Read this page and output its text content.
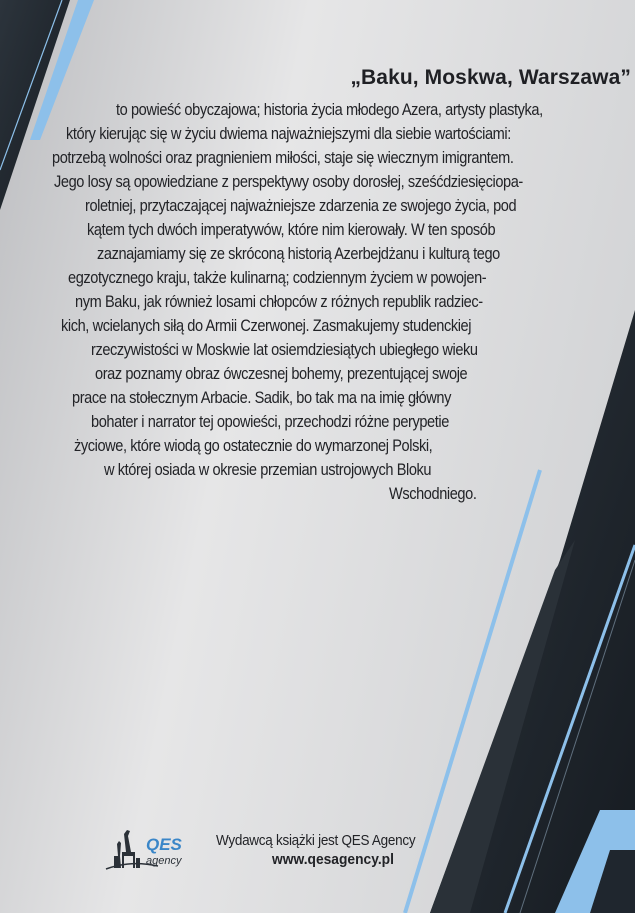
„Baku, Moskwa, Warszawa”
to powieść obyczajowa; historia życia młodego Azera, artysty plastyka,
który kierując się w życiu dwiema najważniejszymi dla siebie wartościami:
potrzebą wolności oraz pragnieniem miłości, staje się wiecznym imigrantem.
Jego losy są opowiedziane z perspektywy osoby dorosłej, sześćdziesięciopa-
roletniej, przytaczającej najważniejsze zdarzenia ze swojego życia, pod
kątem tych dwóch imperatywów, które nim kierowały. W ten sposób
zaznajamiamy się ze skróconą historią Azerbejdżanu i kulturą tego
egzotycznego kraju, także kulinarną; codziennym życiem w powojen-
nym Baku, jak również losami chłopców z różnych republik radziec-
kich, wcielanych siłą do Armii Czerwonej. Zasmakujemy studenckiej
rzeczywistości w Moskwie lat osiemdziesiątych ubiegłego wieku
oraz poznamy obraz ówczesnej bohemy, prezentującej swoje
prace na stołecznym Arbacie. Sadik, bo tak ma na imię główny
bohater i narrator tej opowieści, przechodzi różne perypetie
życiowe, które wiodą go ostatecznie do wymarzonej Polski,
w której osiada w okresie przemian ustrojowych Bloku
Wschodniego.
QES
agency
Wydawcą książki jest QES Agency
www.qesagency.pl
